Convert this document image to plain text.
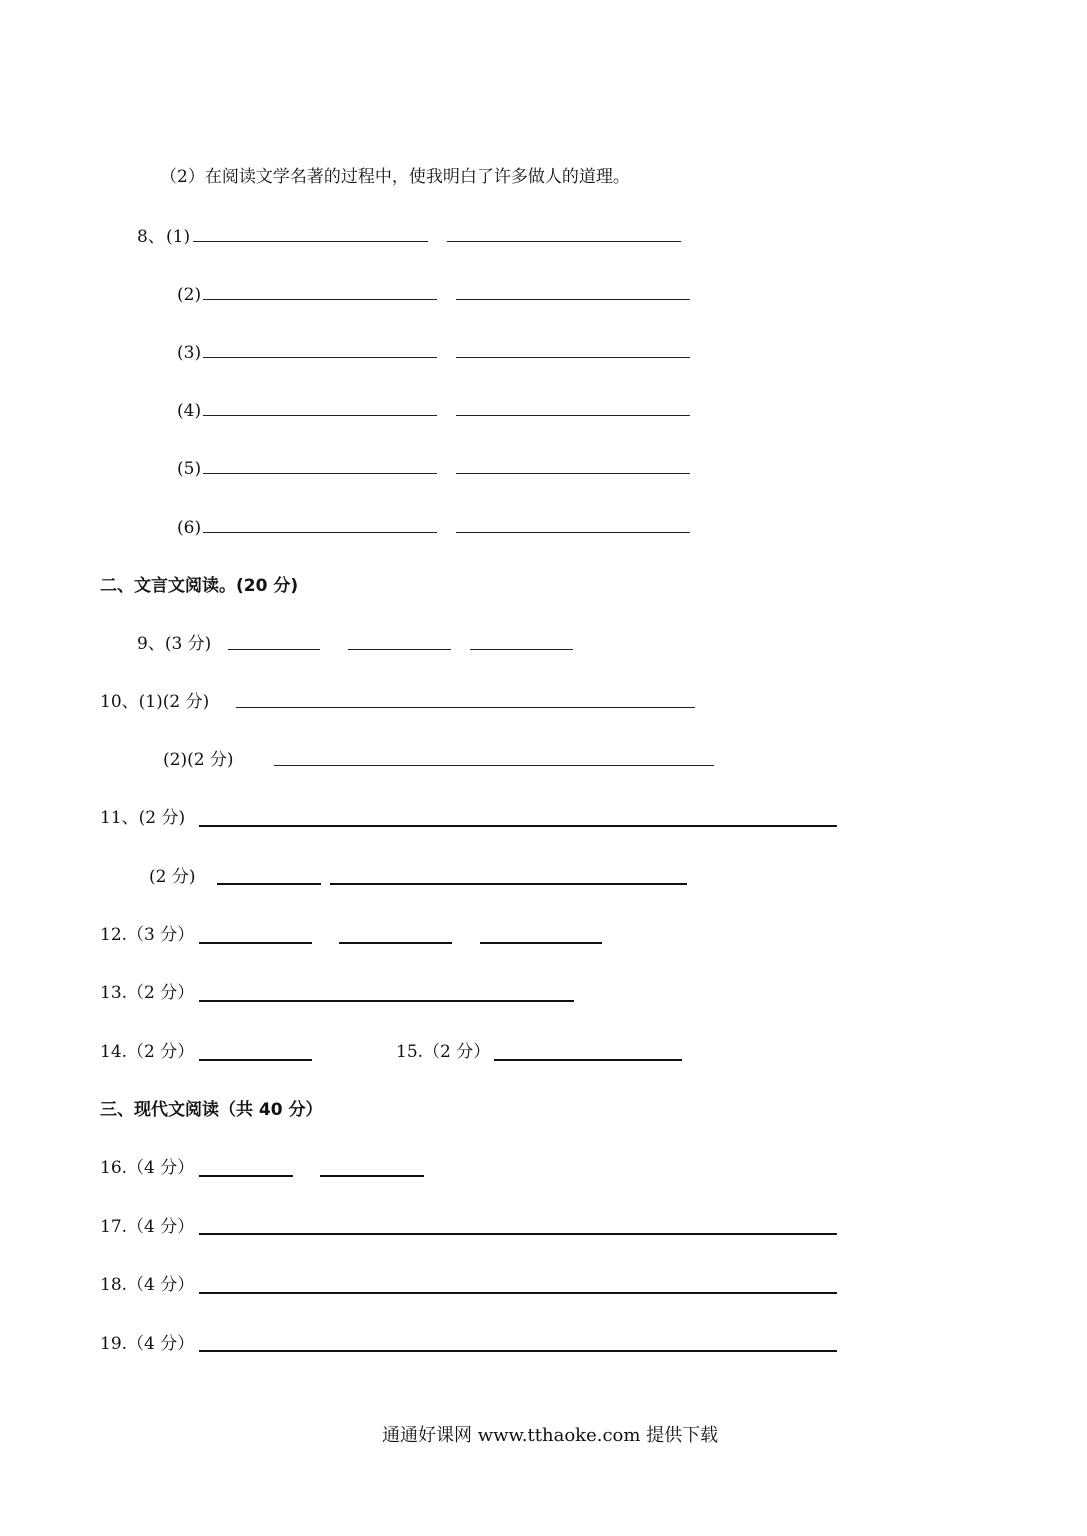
（2）在阅读文学名著的过程中，使我明白了许多做人的道理。
8、 (1)
(2)
(3)
(4)
(5)
(6)
二、文言文阅读。(20 分)
9、(3 分)
10、(1)(2 分)
(2)(2 分)
11、(2 分)
(2 分)
12.（3 分）
13.（2 分）
14.（2 分）	15.（2 分）
三、现代文阅读（共 40 分）
16.（4 分）
17.（4 分）
18.（4 分）
19.（4 分）
通通好课网 www.tthaoke.com 提供下载
